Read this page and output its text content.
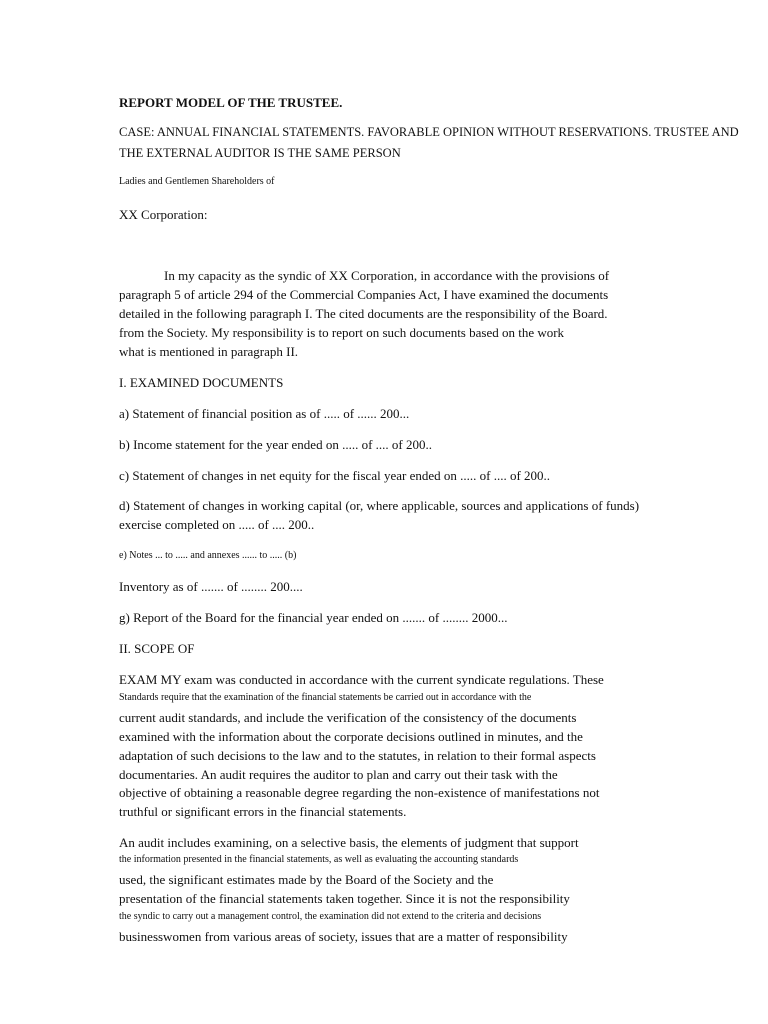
REPORT MODEL OF THE TRUSTEE.
CASE: ANNUAL FINANCIAL STATEMENTS. FAVORABLE OPINION WITHOUT RESERVATIONS. TRUSTEE AND
THE EXTERNAL AUDITOR IS THE SAME PERSON
Ladies and Gentlemen Shareholders of
XX Corporation:
In my capacity as the syndic of XX Corporation, in accordance with the provisions of
paragraph 5 of article 294 of the Commercial Companies Act, I have examined the documents
detailed in the following paragraph I. The cited documents are the responsibility of the Board.
from the Society. My responsibility is to report on such documents based on the work
what is mentioned in paragraph II.
I. EXAMINED DOCUMENTS
a) Statement of financial position as of ..... of ...... 200...
b) Income statement for the year ended on ..... of .... of 200..
c) Statement of changes in net equity for the fiscal year ended on ..... of .... of 200..
d) Statement of changes in working capital (or, where applicable, sources and applications of funds)
exercise completed on ..... of .... 200..
e) Notes ... to ..... and annexes ...... to ..... (b)
Inventory as of ....... of ........ 200....
g) Report of the Board for the financial year ended on ....... of ........ 2000...
II. SCOPE OF
EXAM MY exam was conducted in accordance with the current syndicate regulations. These
Standards require that the examination of the financial statements be carried out in accordance with the
current audit standards, and include the verification of the consistency of the documents
examined with the information about the corporate decisions outlined in minutes, and the
adaptation of such decisions to the law and to the statutes, in relation to their formal aspects
documentaries. An audit requires the auditor to plan and carry out their task with the
objective of obtaining a reasonable degree regarding the non-existence of manifestations not
truthful or significant errors in the financial statements.
An audit includes examining, on a selective basis, the elements of judgment that support
the information presented in the financial statements, as well as evaluating the accounting standards
used, the significant estimates made by the Board of the Society and the
presentation of the financial statements taken together. Since it is not the responsibility
the syndic to carry out a management control, the examination did not extend to the criteria and decisions
businesswomen from various areas of society, issues that are a matter of responsibility
